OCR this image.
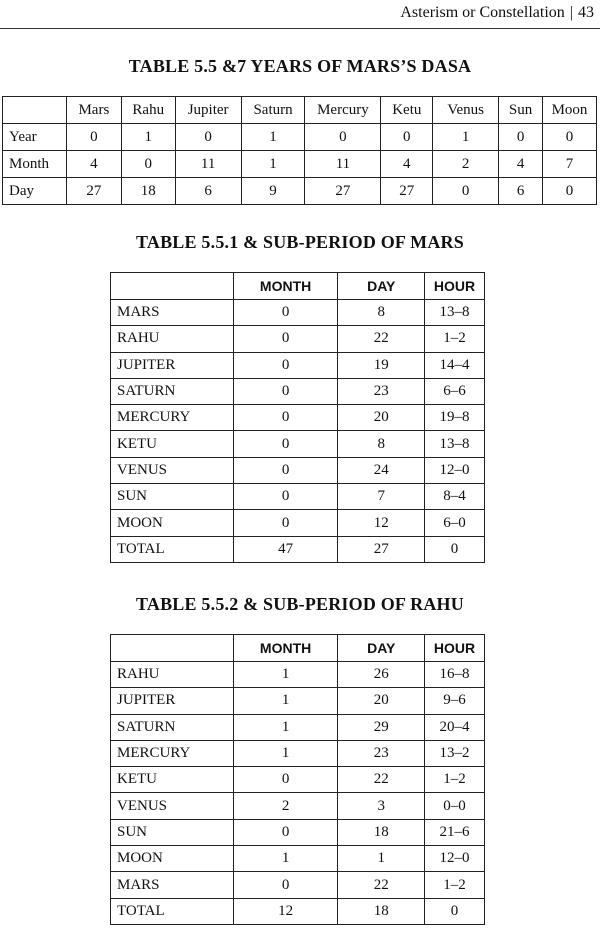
Asterism or Constellation | 43
TABLE 5.5 &7 YEARS OF MARS’S DASA
	Mars	Rahu	Jupiter	Saturn	Mercury	Ketu	Venus	Sun	Moon
Year	0	1	0	1	0	0	1	0	0
Month	4	0	11	1	11	4	2	4	7
Day	27	18	6	9	27	27	0	6	0
TABLE 5.5.1 & SUB-PERIOD OF MARS
	MONTH	DAY	HOUR
MARS	0	8	13–8
RAHU	0	22	1–2
JUPITER	0	19	14–4
SATURN	0	23	6–6
MERCURY	0	20	19–8
KETU	0	8	13–8
VENUS	0	24	12–0
SUN	0	7	8–4
MOON	0	12	6–0
TOTAL	47	27	0
TABLE 5.5.2 & SUB-PERIOD OF RAHU
	MONTH	DAY	HOUR
RAHU	1	26	16–8
JUPITER	1	20	9–6
SATURN	1	29	20–4
MERCURY	1	23	13–2
KETU	0	22	1–2
VENUS	2	3	0–0
SUN	0	18	21–6
MOON	1	1	12–0
MARS	0	22	1–2
TOTAL	12	18	0
